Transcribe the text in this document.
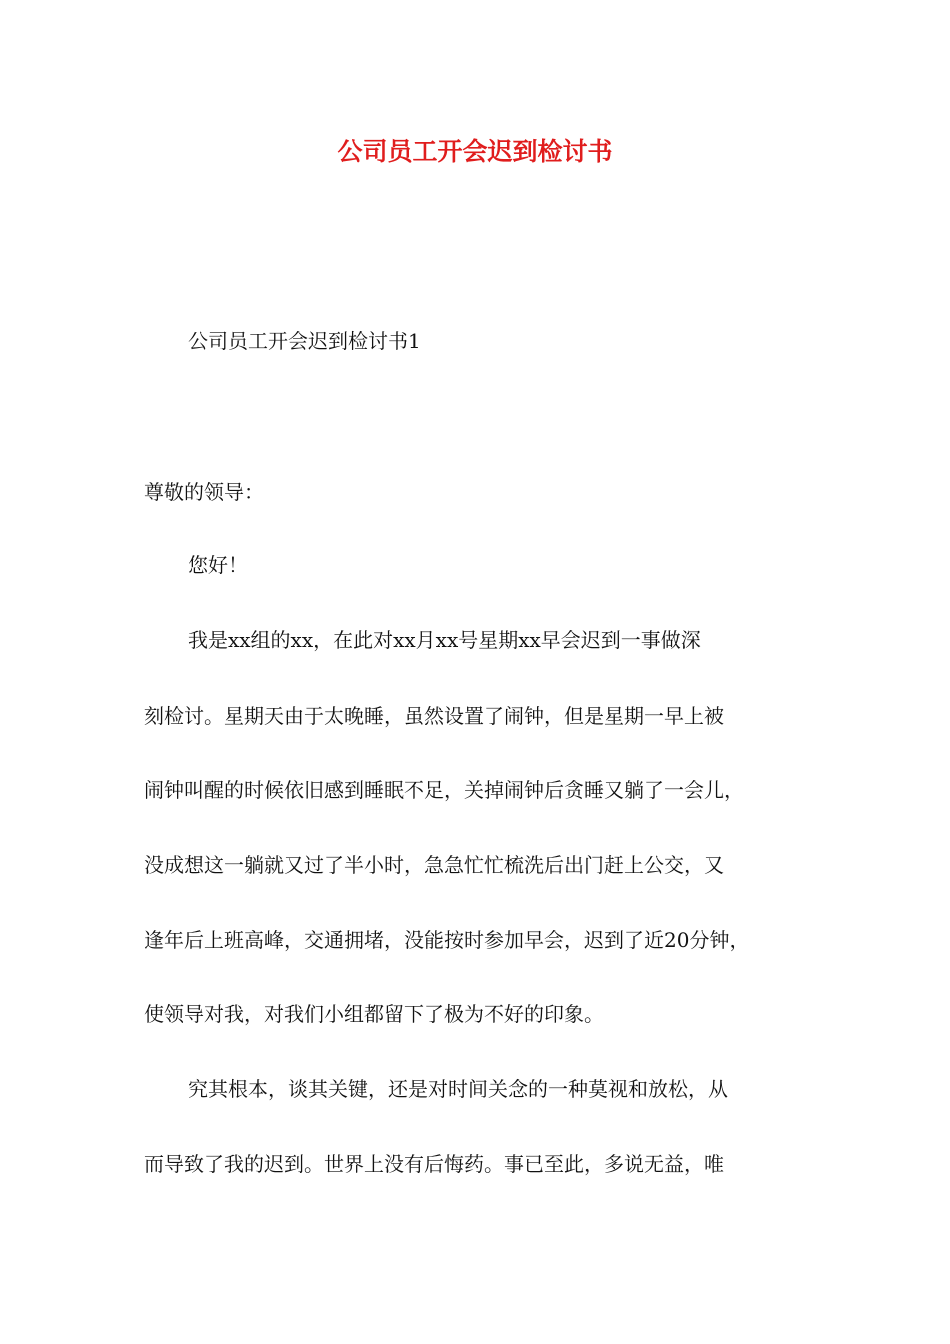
公司员工开会迟到检讨书
公司员工开会迟到检讨书1
尊敬的领导：
您好！
我是xx组的xx，在此对xx月xx号星期xx早会迟到一事做深
刻检讨。星期天由于太晚睡，虽然设置了闹钟，但是星期一早上被
闹钟叫醒的时候依旧感到睡眠不足，关掉闹钟后贪睡又躺了一会儿，
没成想这一躺就又过了半小时，急急忙忙梳洗后出门赶上公交，又
逢年后上班高峰，交通拥堵，没能按时参加早会，迟到了近20分钟，
使领导对我，对我们小组都留下了极为不好的印象。
究其根本，谈其关键，还是对时间关念的一种莫视和放松，从
而导致了我的迟到。世界上没有后悔药。事已至此，多说无益，唯
